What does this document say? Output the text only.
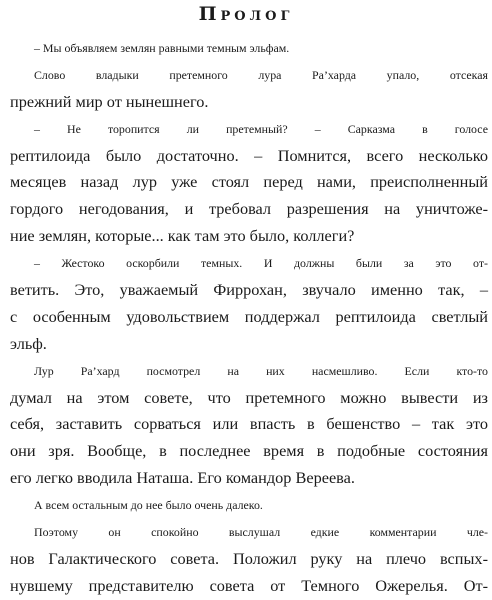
Пролог
– Мы объявляем землян равными темным эльфам.
Слово владыки претемного лура Ра’харда упало, отсекая
прежний мир от нынешнего.
– Не торопится ли претемный? – Сарказма в голосе
рептилоида было достаточно. – Помнится, всего несколько
месяцев назад лур уже стоял перед нами, преисполненный
гордого негодования, и требовал разрешения на уничтоже-
ние землян, которые... как там это было, коллеги?
– Жестоко оскорбили темных. И должны были за это от-
ветить. Это, уважаемый Фиррохан, звучало именно так, –
с особенным удовольствием поддержал рептилоида светлый
эльф.
Лур Ра’хард посмотрел на них насмешливо. Если кто-то
думал на этом совете, что претемного можно вывести из
себя, заставить сорваться или впасть в бешенство – так это
они зря. Вообще, в последнее время в подобные состояния
его легко вводила Наташа. Его командор Вереева.
А всем остальным до нее было очень далеко.
Поэтому он спокойно выслушал едкие комментарии чле-
нов Галактического совета. Положил руку на плечо вспых-
нувшему представителю совета от Темного Ожерелья. От-
